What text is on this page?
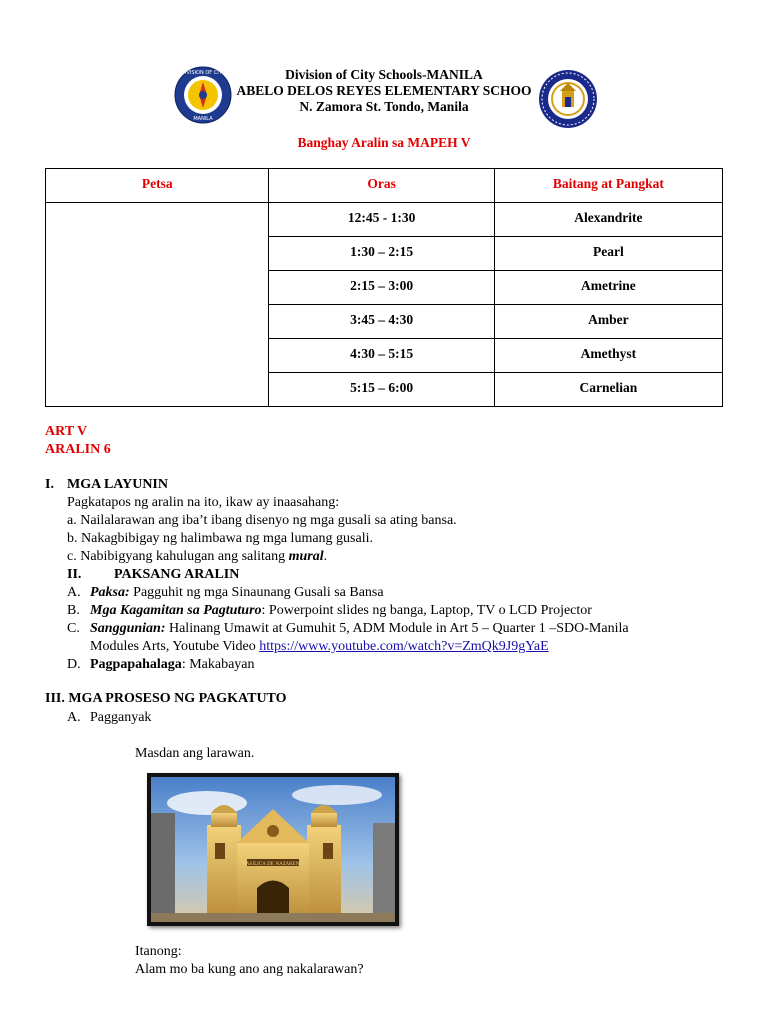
DIVISION OF CITY
MANILA
Division of City Schools-MANILA
ABELO DELOS REYES ELEMENTARY SCHOO
N. Zamora St. Tondo, Manila
Banghay Aralin sa MAPEH V
Petsa	Oras	Baitang at Pangkat
	12:45 - 1:30	Alexandrite
	1:30 – 2:15	Pearl
	2:15 – 3:00	Ametrine
	3:45 – 4:30	Amber
	4:30 – 5:15	Amethyst
	5:15 – 6:00	Carnelian
ART V
ARALIN 6
I. MGA LAYUNIN
Pagkatapos ng aralin na ito, ikaw ay inaasahang:
a. Nailalarawan ang iba’t ibang disenyo ng mga gusali sa ating bansa.
b. Nakagbibigay ng halimbawa ng mga lumang gusali.
c. Nabibigyang kahulugan ang salitang mural.
II. PAKSANG ARALIN
A. Paksa: Pagguhit ng mga Sinaunang Gusali sa Bansa
B. Mga Kagamitan sa Pagtuturo: Powerpoint slides ng banga, Laptop, TV o LCD Projector
C. Sanggunian: Halinang Umawit at Gumuhit 5, ADM Module in Art 5 – Quarter 1 –SDO-Manila
Modules Arts, Youtube Video https://www.youtube.com/watch?v=ZmQk9J9gYaE
D. Pagpapahalaga: Makabayan
III. MGA PROSESO NG PAGKATUTO
A. Pagganyak
Masdan ang larawan.
BASILICA DE NAZARENO
Itanong:
Alam mo ba kung ano ang nakalarawan?
